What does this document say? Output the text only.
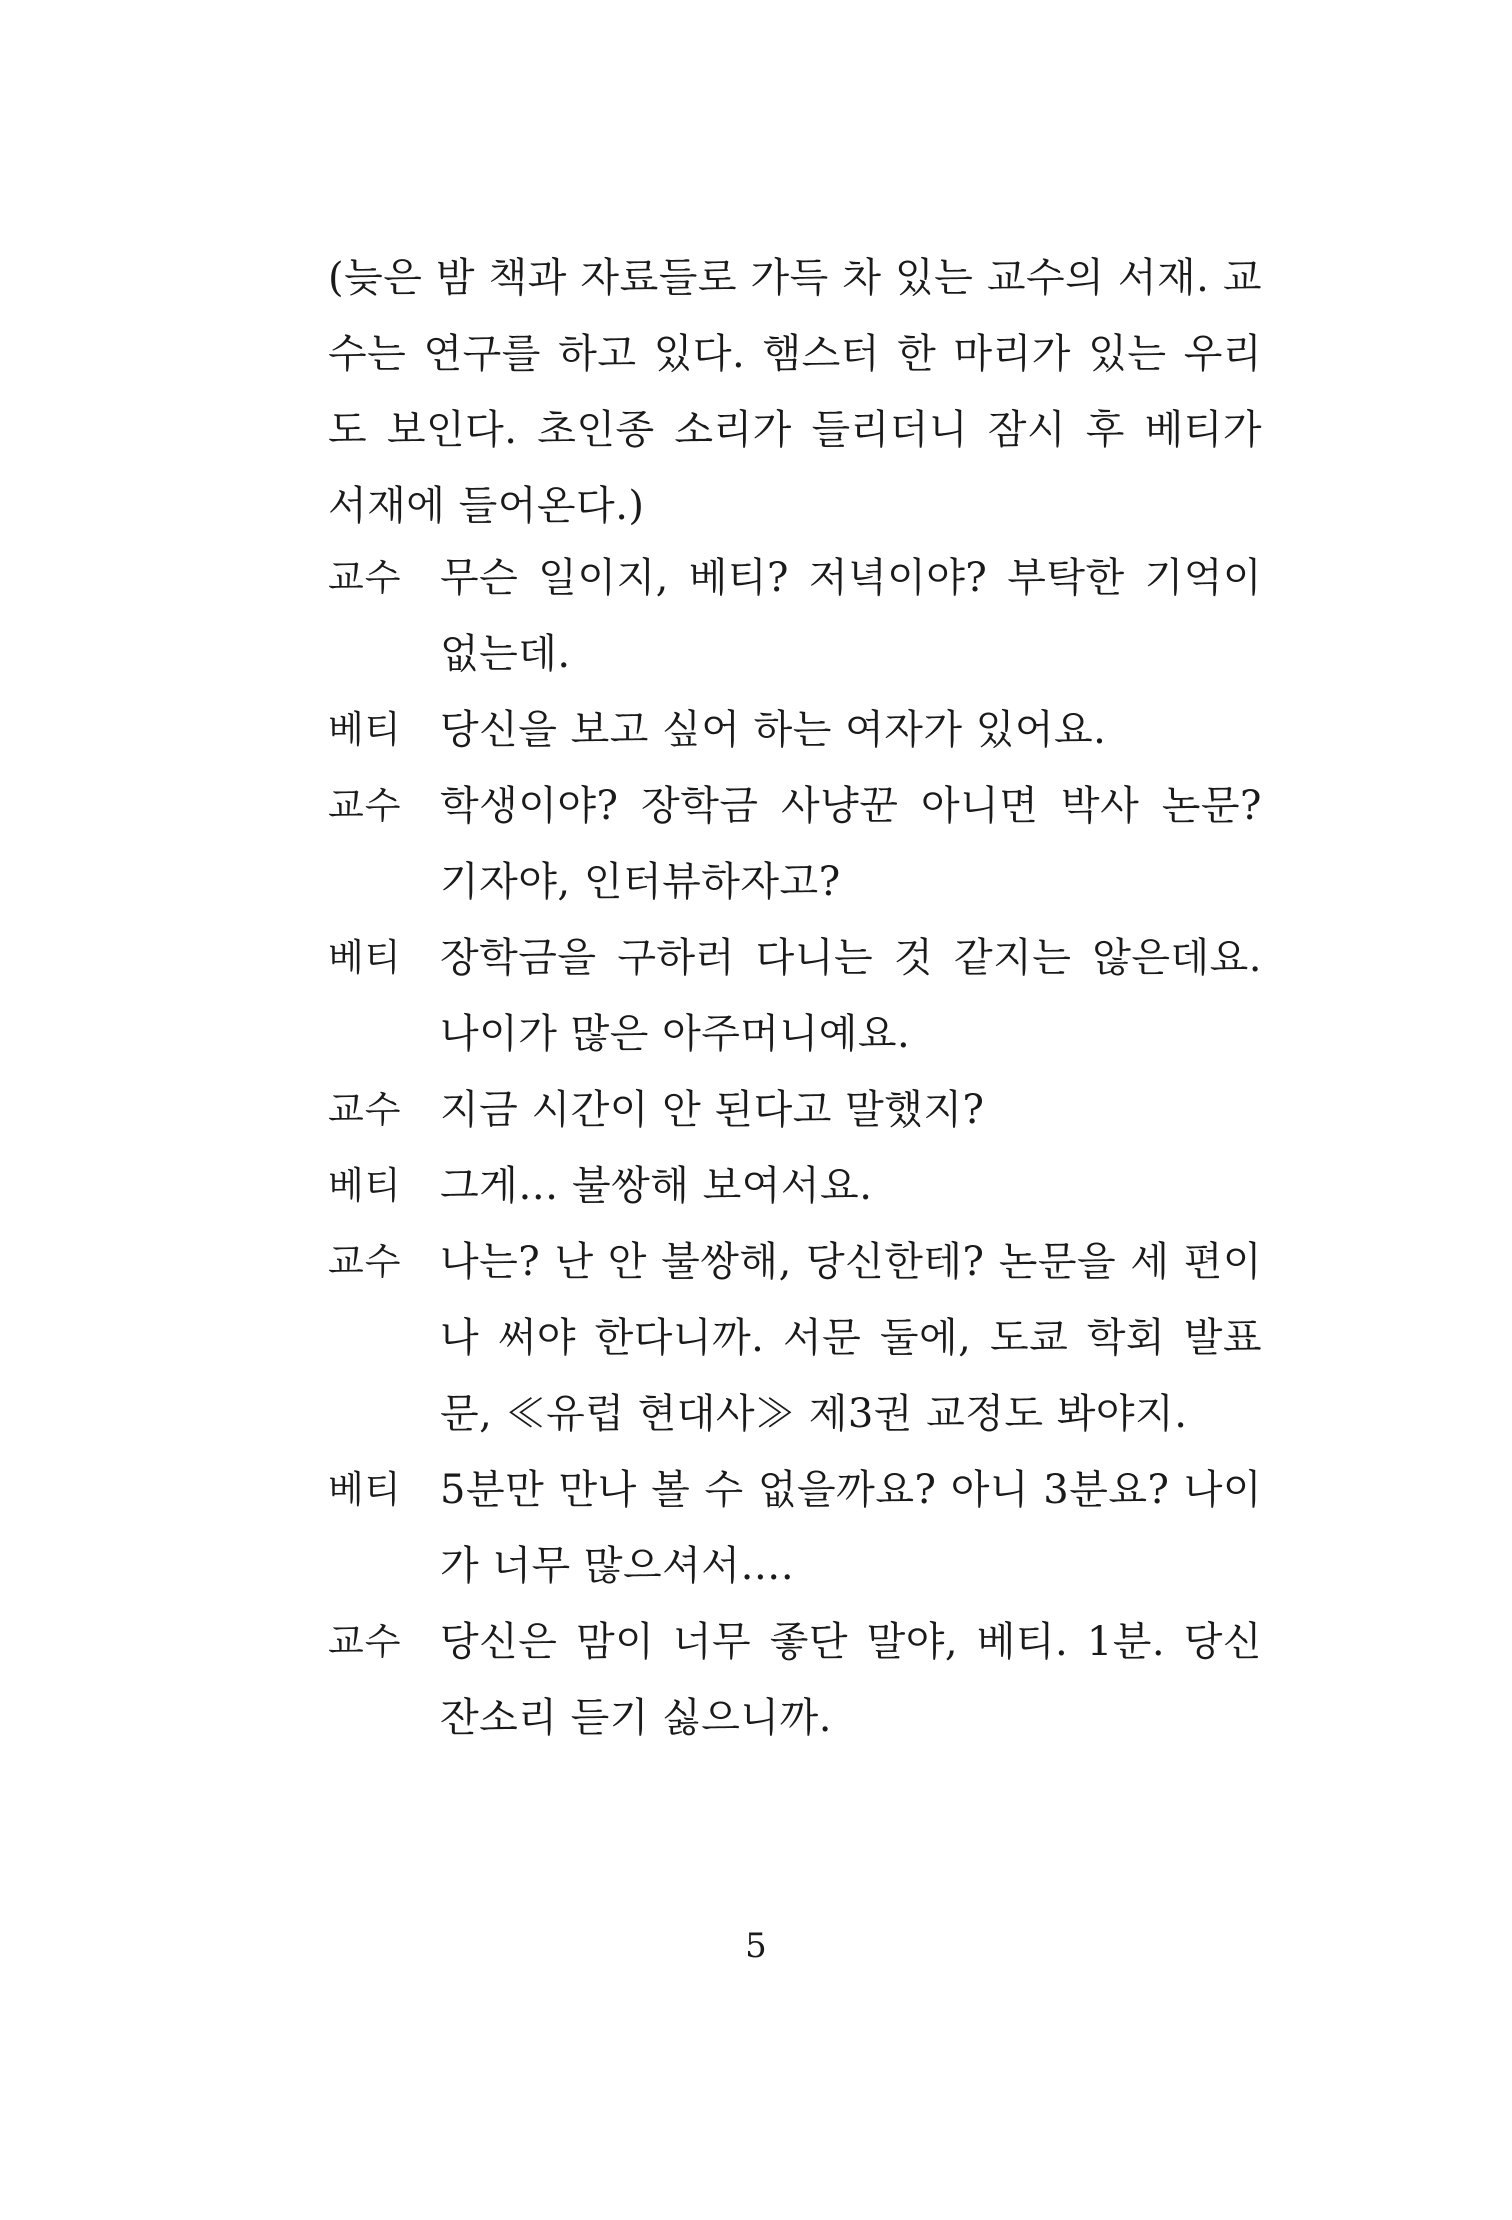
(늦은 밤 책과 자료들로 가득 차 있는 교수의 서재. 교수는 연구를 하고 있다. 햄스터 한 마리가 있는 우리도 보인다. 초인종 소리가 들리더니 잠시 후 베티가 서재에 들어온다.)

교수 무슨 일이지, 베티? 저녁이야? 부탁한 기억이 없는데.
베티 당신을 보고 싶어 하는 여자가 있어요.
교수 학생이야? 장학금 사냥꾼 아니면 박사 논문? 기자야, 인터뷰하자고?
베티 장학금을 구하러 다니는 것 같지는 않은데요. 나이가 많은 아주머니예요.
교수 지금 시간이 안 된다고 말했지?
베티 그게… 불쌍해 보여서요.
교수 나는? 난 안 불쌍해, 당신한테? 논문을 세 편이나 써야 한다니까. 서문 둘에, 도쿄 학회 발표문, ≪유럽 현대사≫ 제3권 교정도 봐야지.
베티 5분만 만나 볼 수 없을까요? 아니 3분요? 나이가 너무 많으셔서….
교수 당신은 맘이 너무 좋단 말야, 베티. 1분. 당신 잔소리 듣기 싫으니까.
5
